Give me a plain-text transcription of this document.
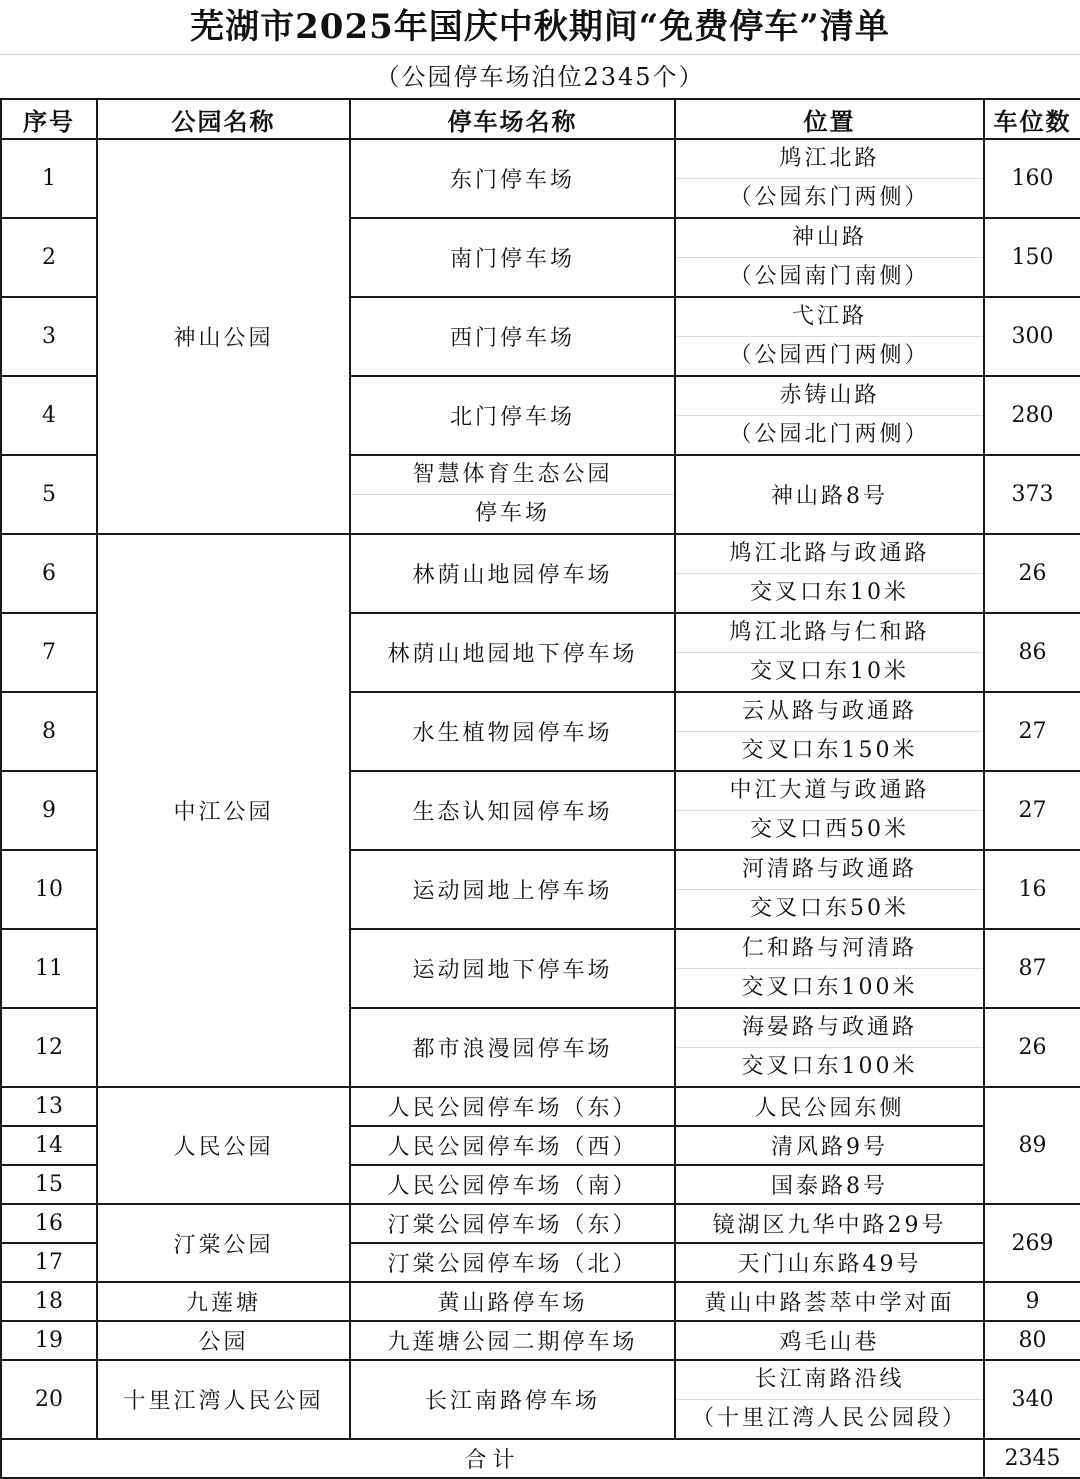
芜湖市2025年国庆中秋期间“免费停车”清单
（公园停车场泊位2345个）
序号	公园名称	停车场名称	位置	车位数
1	神山公园	东门停车场	鸠江北路
（公园东门两侧）	160
2		南门停车场	神山路
（公园南门南侧）	150
3		西门停车场	弋江路
（公园西门两侧）	300
4		北门停车场	赤铸山路
（公园北门两侧）	280
5		智慧体育生态公园
停车场	神山路8号	373
6	中江公园	林荫山地园停车场	鸠江北路与政通路
交叉口东10米	26
7		林荫山地园地下停车场	鸠江北路与仁和路
交叉口东10米	86
8		水生植物园停车场	云从路与政通路
交叉口东150米	27
9		生态认知园停车场	中江大道与政通路
交叉口西50米	27
10		运动园地上停车场	河清路与政通路
交叉口东50米	16
11		运动园地下停车场	仁和路与河清路
交叉口东100米	87
12		都市浪漫园停车场	海晏路与政通路
交叉口东100米	26
13	人民公园	人民公园停车场（东）	人民公园东侧	89
14		人民公园停车场（西）	清风路9号	
15		人民公园停车场（南）	国泰路8号	
16	汀棠公园	汀棠公园停车场（东）	镜湖区九华中路29号	269
17		汀棠公园停车场（北）	天门山东路49号	
18	九莲塘	黄山路停车场	黄山中路荟萃中学对面	9
19	公园	九莲塘公园二期停车场	鸡毛山巷	80
20	十里江湾人民公园	长江南路停车场	长江南路沿线
（十里江湾人民公园段）	340
合计				2345
